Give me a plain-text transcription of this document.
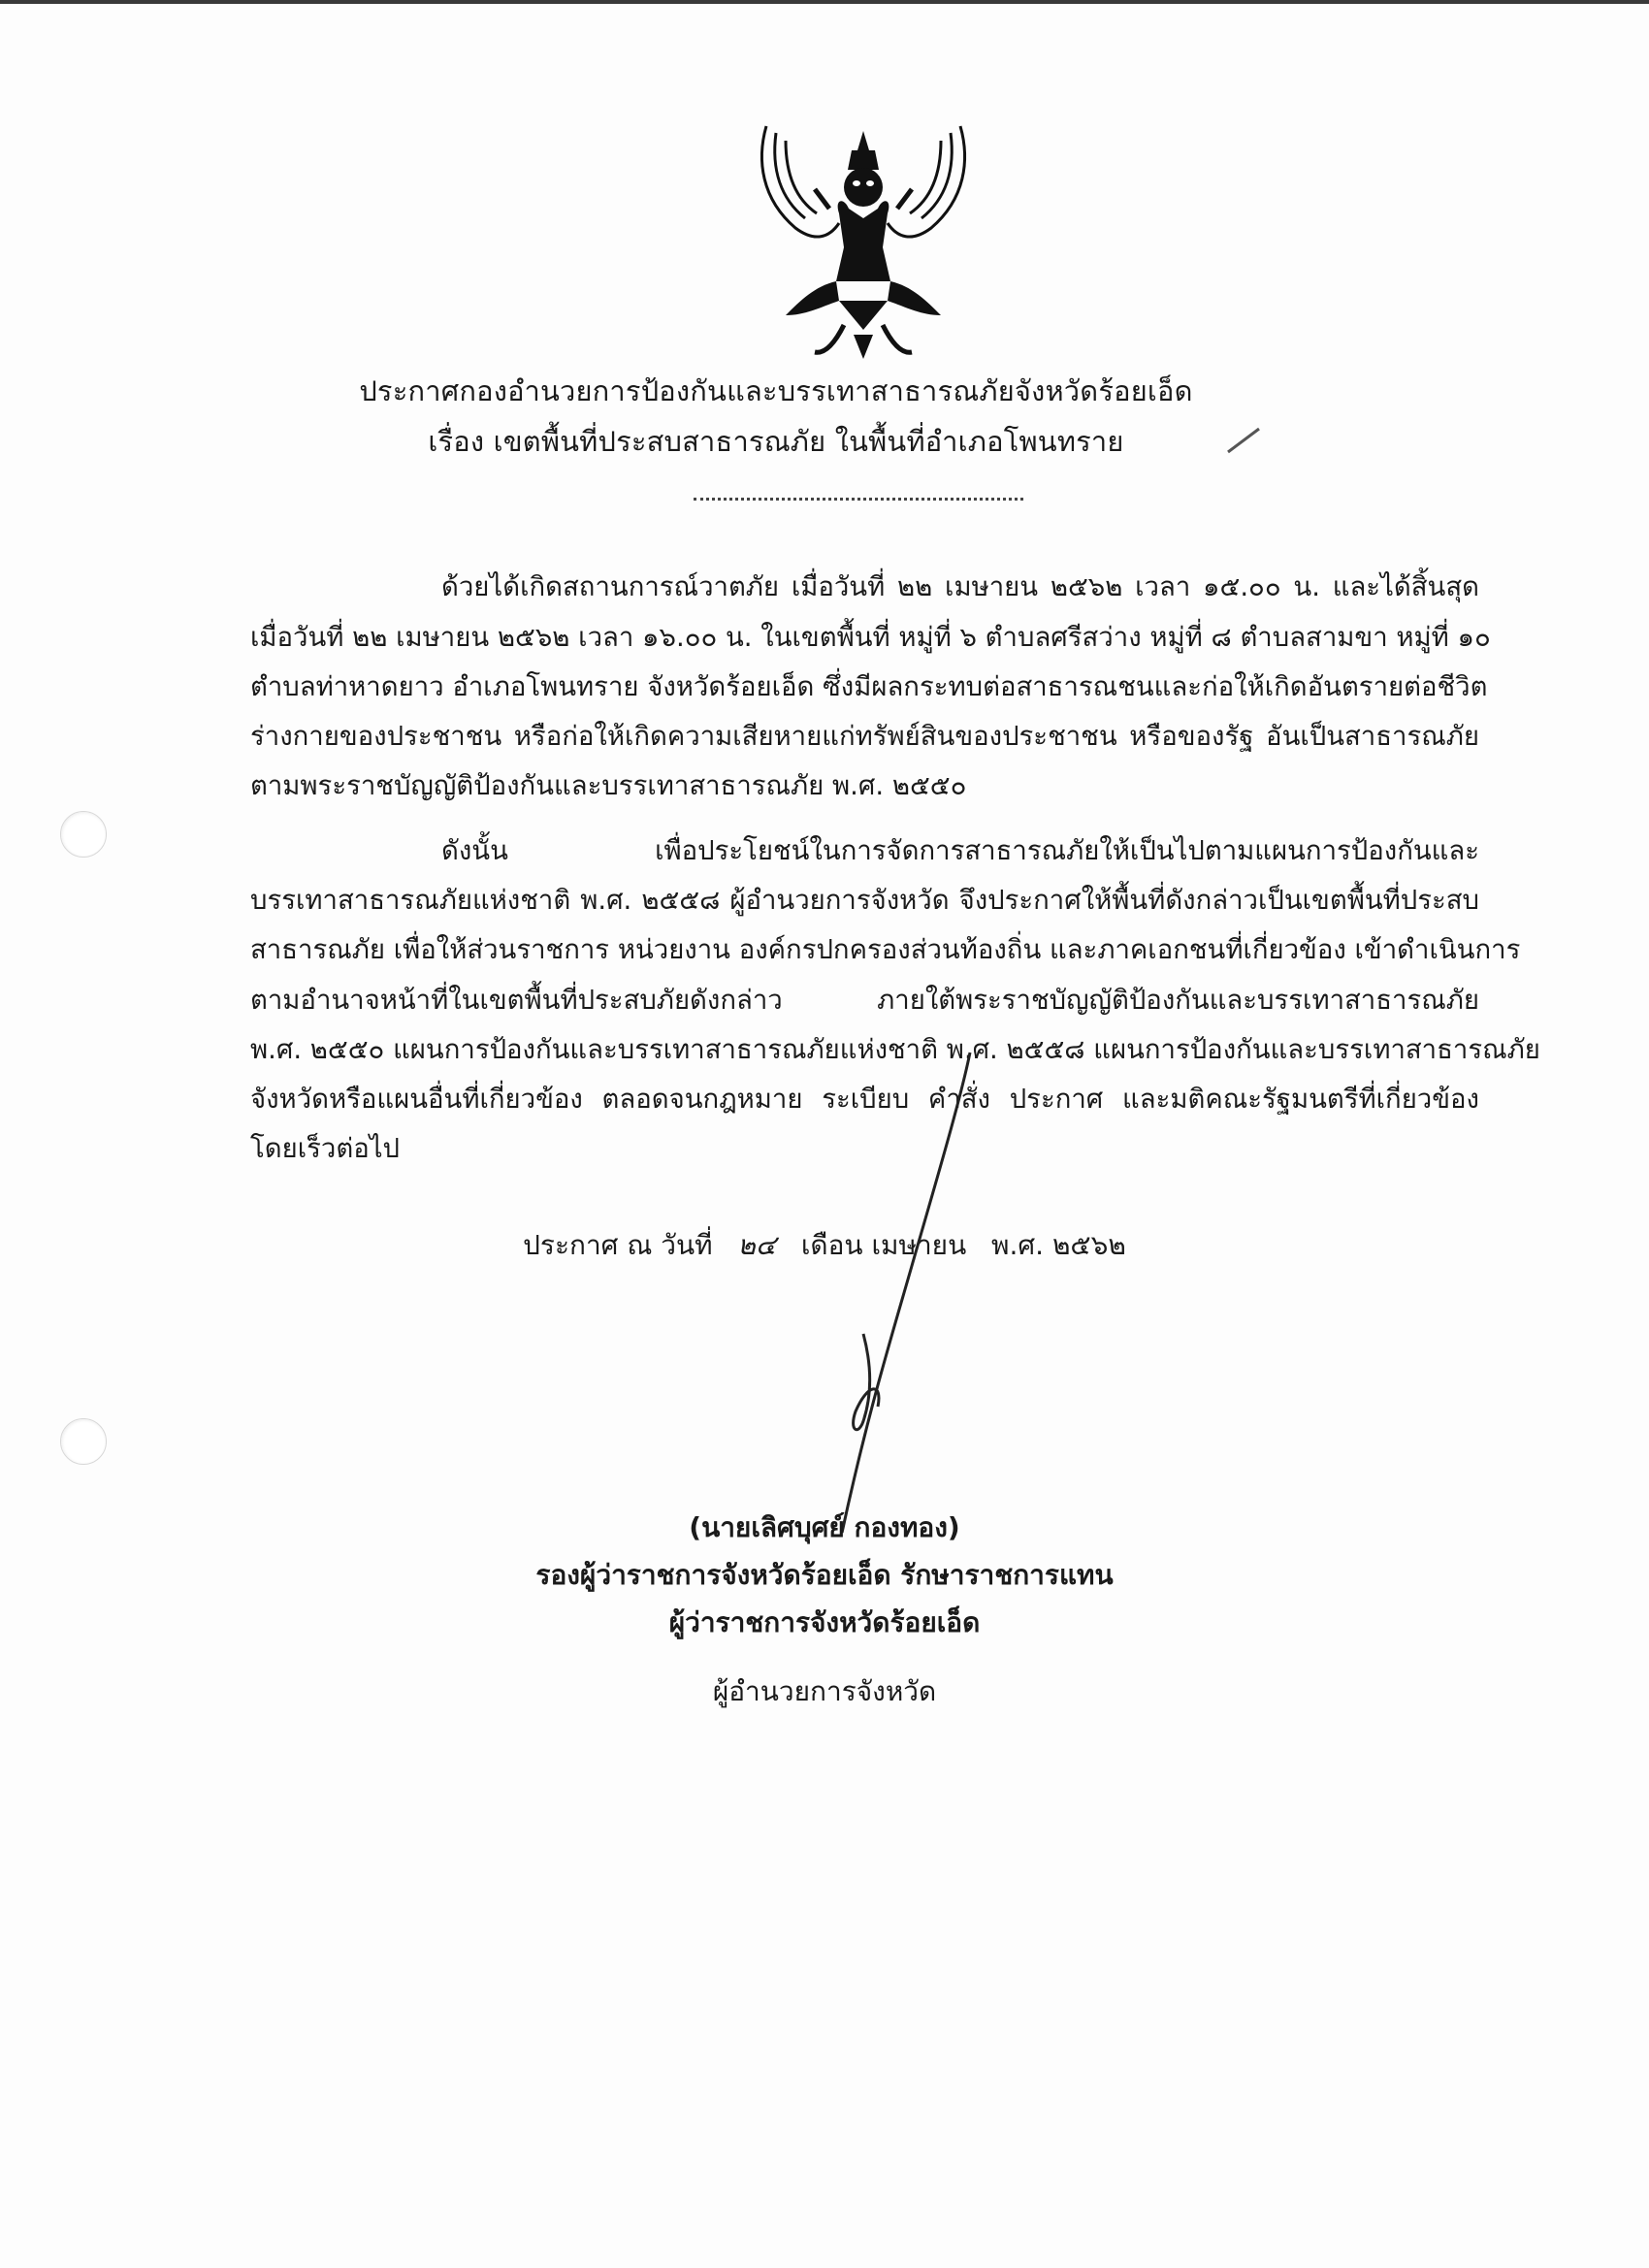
ประกาศกองอำนวยการป้องกันและบรรเทาสาธารณภัยจังหวัดร้อยเอ็ด
เรื่อง เขตพื้นที่ประสบสาธารณภัย ในพื้นที่อำเภอโพนทราย
ด้วยได้เกิดสถานการณ์วาตภัย เมื่อวันที่ ๒๒ เมษายน ๒๕๖๒ เวลา ๑๕.๐๐ น. และได้สิ้นสุด
เมื่อวันที่ ๒๒ เมษายน ๒๕๖๒ เวลา ๑๖.๐๐ น. ในเขตพื้นที่ หมู่ที่ ๖ ตำบลศรีสว่าง หมู่ที่ ๘ ตำบลสามขา หมู่ที่ ๑๐
ตำบลท่าหาดยาว อำเภอโพนทราย จังหวัดร้อยเอ็ด ซึ่งมีผลกระทบต่อสาธารณชนและก่อให้เกิดอันตรายต่อชีวิต
ร่างกายของประชาชน หรือก่อให้เกิดความเสียหายแก่ทรัพย์สินของประชาชน หรือของรัฐ อันเป็นสาธารณภัย
ตามพระราชบัญญัติป้องกันและบรรเทาสาธารณภัย พ.ศ. ๒๕๕๐
ดังนั้น เพื่อประโยชน์ในการจัดการสาธารณภัยให้เป็นไปตามแผนการป้องกันและ
บรรเทาสาธารณภัยแห่งชาติ พ.ศ. ๒๕๕๘ ผู้อำนวยการจังหวัด จึงประกาศให้พื้นที่ดังกล่าวเป็นเขตพื้นที่ประสบ
สาธารณภัย เพื่อให้ส่วนราชการ หน่วยงาน องค์กรปกครองส่วนท้องถิ่น และภาคเอกชนที่เกี่ยวข้อง เข้าดำเนินการ
ตามอำนาจหน้าที่ในเขตพื้นที่ประสบภัยดังกล่าว ภายใต้พระราชบัญญัติป้องกันและบรรเทาสาธารณภัย
พ.ศ. ๒๕๕๐ แผนการป้องกันและบรรเทาสาธารณภัยแห่งชาติ พ.ศ. ๒๕๕๘ แผนการป้องกันและบรรเทาสาธารณภัย
จังหวัดหรือแผนอื่นที่เกี่ยวข้อง ตลอดจนกฎหมาย ระเบียบ คำสั่ง ประกาศ และมติคณะรัฐมนตรีที่เกี่ยวข้อง
โดยเร็วต่อไป
ประกาศ ณ วันที่ ๒๔ เดือน เมษายน พ.ศ. ๒๕๖๒
(นายเลิศบุศย์ กองทอง)
รองผู้ว่าราชการจังหวัดร้อยเอ็ด รักษาราชการแทน
ผู้ว่าราชการจังหวัดร้อยเอ็ด
ผู้อำนวยการจังหวัด
